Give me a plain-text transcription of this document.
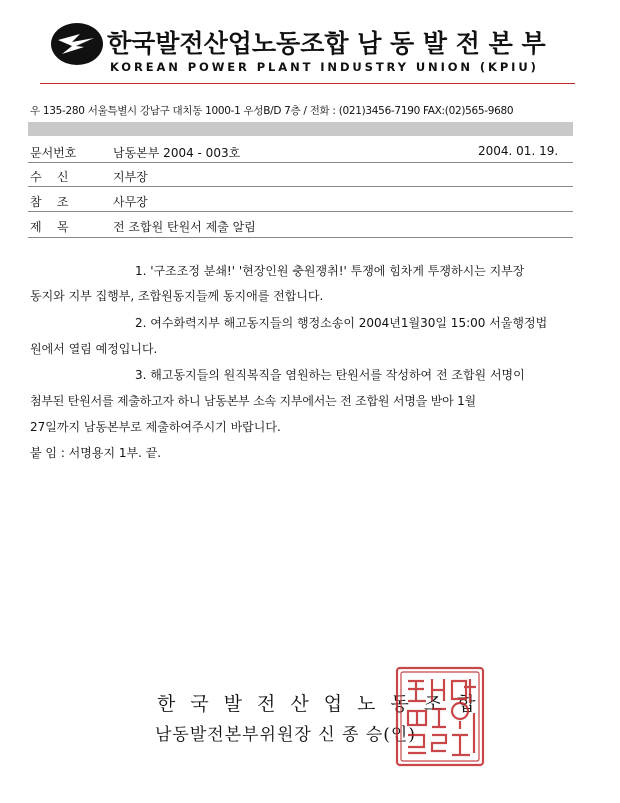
한국발전산업노동조합 남 동 발 전 본 부
KOREAN POWER PLANT INDUSTRY UNION (KPIU)
우 135-280 서울특별시 강남구 대치동 1000-1 우성B/D 7층 / 전화 : (021)3456-7190 FAX:(02)565-9680
문서번호	남동본부 2004 - 003호	2004. 01. 19.
수    신	지부장
참    조	사무장
제    목	전 조합원 탄원서 제출 알림
1. '구조조정 분쇄!' '현장인원 충원쟁취!' 투쟁에 힘차게 투쟁하시는 지부장
동지와 지부 집행부, 조합원동지들께 동지애를 전합니다.
2. 여수화력지부 해고동지들의 행정소송이 2004년1월30일 15:00 서울행정법
원에서 열림 예정입니다.
3. 해고동지들의 원직복직을 염원하는 탄원서를 작성하여 전 조합원 서명이
첨부된 탄원서를 제출하고자 하니 남동본부 소속 지부에서는 전 조합원 서명을 받아 1월
27일까지 남동본부로 제출하여주시기 바랍니다.
붙 임 : 서명용지 1부. 끝.
한국발전산업노동조합
남동발전본부위원장 신 종 승(인)
